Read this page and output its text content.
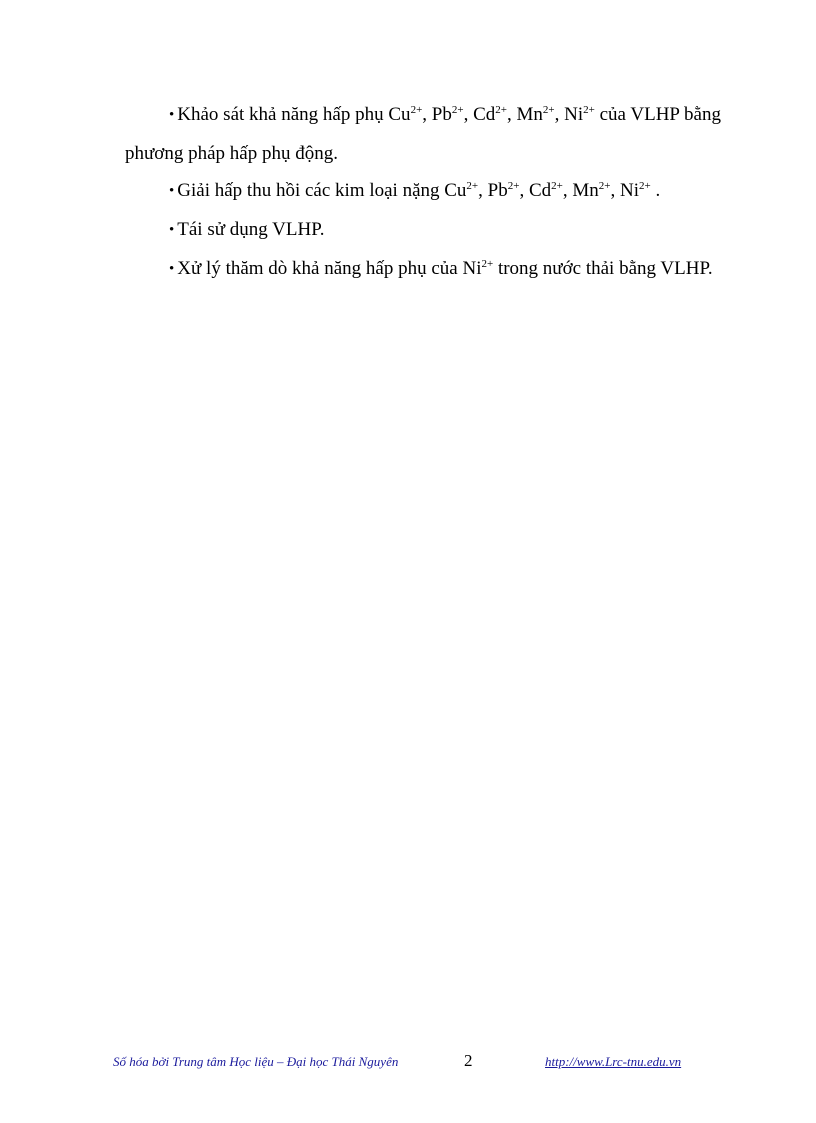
• Khảo sát khả năng hấp phụ $Cu^{2+}$, $Pb^{2+}$, $Cd^{2+}$, $Mn^{2+}$, $Ni^{2+}$ của VLHP bằng

phương pháp hấp phụ động.

• Giải hấp thu hồi các kim loại nặng $Cu^{2+}$, $Pb^{2+}$, $Cd^{2+}$, $Mn^{2+}$, $Ni^{2+}$ .

• Tái sử dụng VLHP.

• Xử lý thăm dò khả năng hấp phụ của $Ni^{2+}$ trong nước thải bằng VLHP.

Số hóa bởi Trung tâm Học liệu – Đại học Thái Nguyên	2	http://www.Lrc-tnu.edu.vn
